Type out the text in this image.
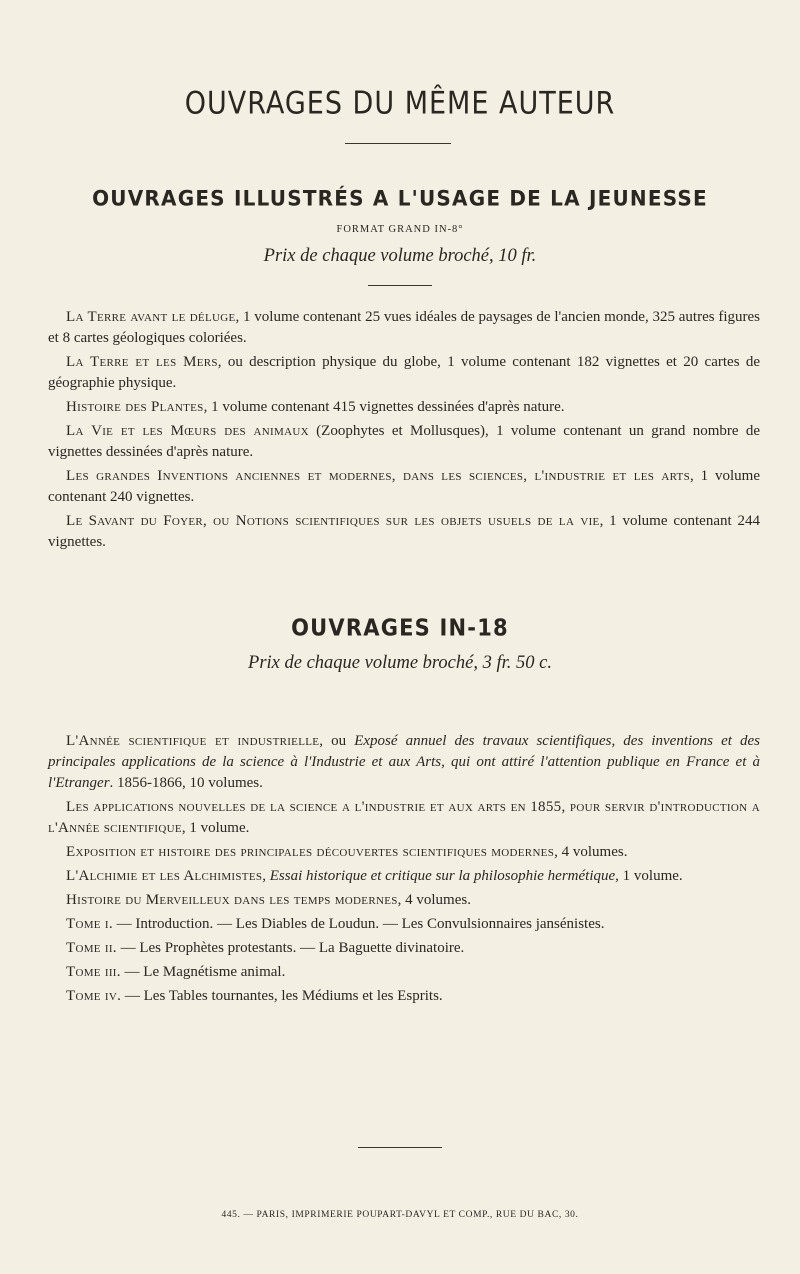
OUVRAGES DU MÊME AUTEUR
OUVRAGES ILLUSTRÉS A L'USAGE DE LA JEUNESSE
FORMAT GRAND IN-8°
Prix de chaque volume broché, 10 fr.

La Terre avant le déluge, 1 volume contenant 25 vues idéales de paysages de l'ancien monde, 325 autres figures et 8 cartes géologiques coloriées.

La Terre et les Mers, ou description physique du globe, 1 volume contenant 182 vignettes et 20 cartes de géographie physique.

Histoire des Plantes, 1 volume contenant 415 vignettes dessinées d'après nature.

La Vie et les Mœurs des animaux (Zoophytes et Mollusques), 1 volume contenant un grand nombre de vignettes dessinées d'après nature.

Les grandes Inventions anciennes et modernes, dans les sciences, l'industrie et les arts, 1 volume contenant 240 vignettes.

Le Savant du Foyer, ou Notions scientifiques sur les objets usuels de la vie, 1 volume contenant 244 vignettes.

OUVRAGES IN-18
Prix de chaque volume broché, 3 fr. 50 c.

L'Année scientifique et industrielle, ou Exposé annuel des travaux scientifiques, des inventions et des principales applications de la science à l'Industrie et aux Arts, qui ont attiré l'attention publique en France et à l'Etranger. 1856-1866, 10 volumes.

Les applications nouvelles de la science a l'industrie et aux arts en 1855, pour servir d'introduction a l'Année scientifique, 1 volume.

Exposition et histoire des principales découvertes scientifiques modernes, 4 volumes.

L'Alchimie et les Alchimistes, Essai historique et critique sur la philosophie hermétique, 1 volume.

Histoire du Merveilleux dans les temps modernes, 4 volumes.

Tome i. — Introduction. — Les Diables de Loudun. — Les Convulsionnaires jansénistes.

Tome ii. — Les Prophètes protestants. — La Baguette divinatoire.

Tome iii. — Le Magnétisme animal.

Tome iv. — Les Tables tournantes, les Médiums et les Esprits.

445. — PARIS, IMPRIMERIE POUPART-DAVYL ET COMP., RUE DU BAC, 30.
